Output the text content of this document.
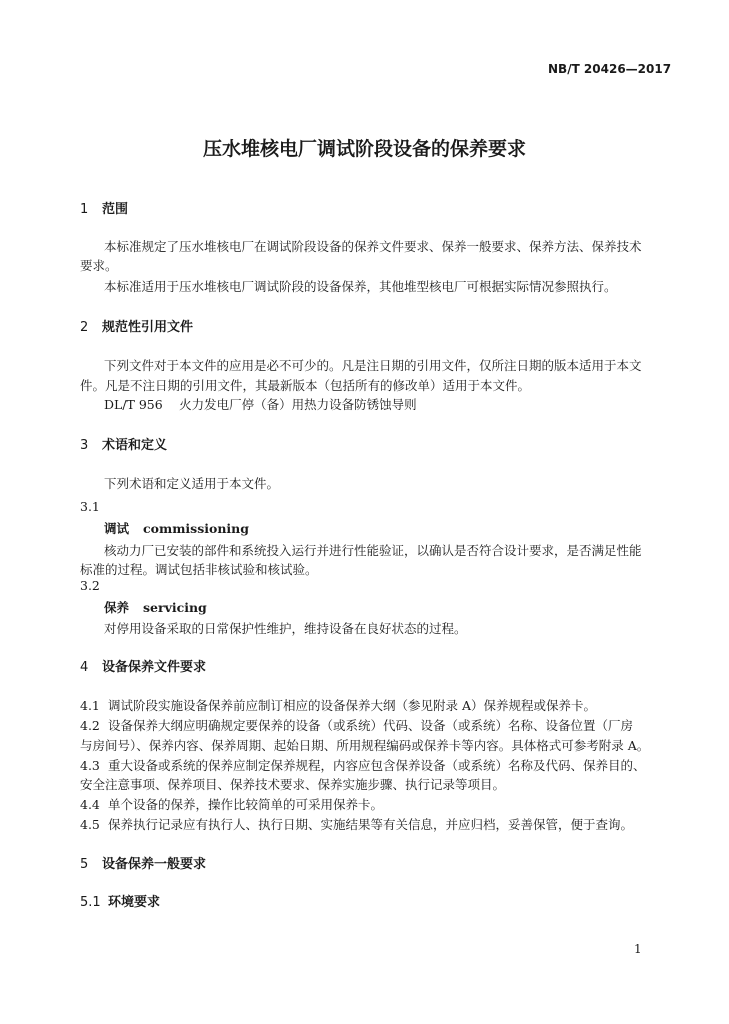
NB/T 20426—2017
压水堆核电厂调试阶段设备的保养要求
1 范围
本标准规定了压水堆核电厂在调试阶段设备的保养文件要求、保养一般要求、保养方法、保养技术
要求。
本标准适用于压水堆核电厂调试阶段的设备保养，其他堆型核电厂可根据实际情况参照执行。
2 规范性引用文件
下列文件对于本文件的应用是必不可少的。凡是注日期的引用文件，仅所注日期的版本适用于本文
件。凡是不注日期的引用文件，其最新版本（包括所有的修改单）适用于本文件。
DL/T 956　 火力发电厂停（备）用热力设备防锈蚀导则
3 术语和定义
下列术语和定义适用于本文件。
3.1
调试 commissioning
核动力厂已安装的部件和系统投入运行并进行性能验证，以确认是否符合设计要求，是否满足性能
标准的过程。调试包括非核试验和核试验。
3.2
保养 servicing
对停用设备采取的日常保护性维护，维持设备在良好状态的过程。
4 设备保养文件要求
4.1 调试阶段实施设备保养前应制订相应的设备保养大纲（参见附录 A）保养规程或保养卡。
4.2 设备保养大纲应明确规定要保养的设备（或系统）代码、设备（或系统）名称、设备位置（厂房
与房间号）、保养内容、保养周期、起始日期、所用规程编码或保养卡等内容。具体格式可参考附录 A。
4.3 重大设备或系统的保养应制定保养规程，内容应包含保养设备（或系统）名称及代码、保养目的、
安全注意事项、保养项目、保养技术要求、保养实施步骤、执行记录等项目。
4.4 单个设备的保养，操作比较简单的可采用保养卡。
4.5 保养执行记录应有执行人、执行日期、实施结果等有关信息，并应归档，妥善保管，便于查询。
5 设备保养一般要求
5.1 环境要求
1
